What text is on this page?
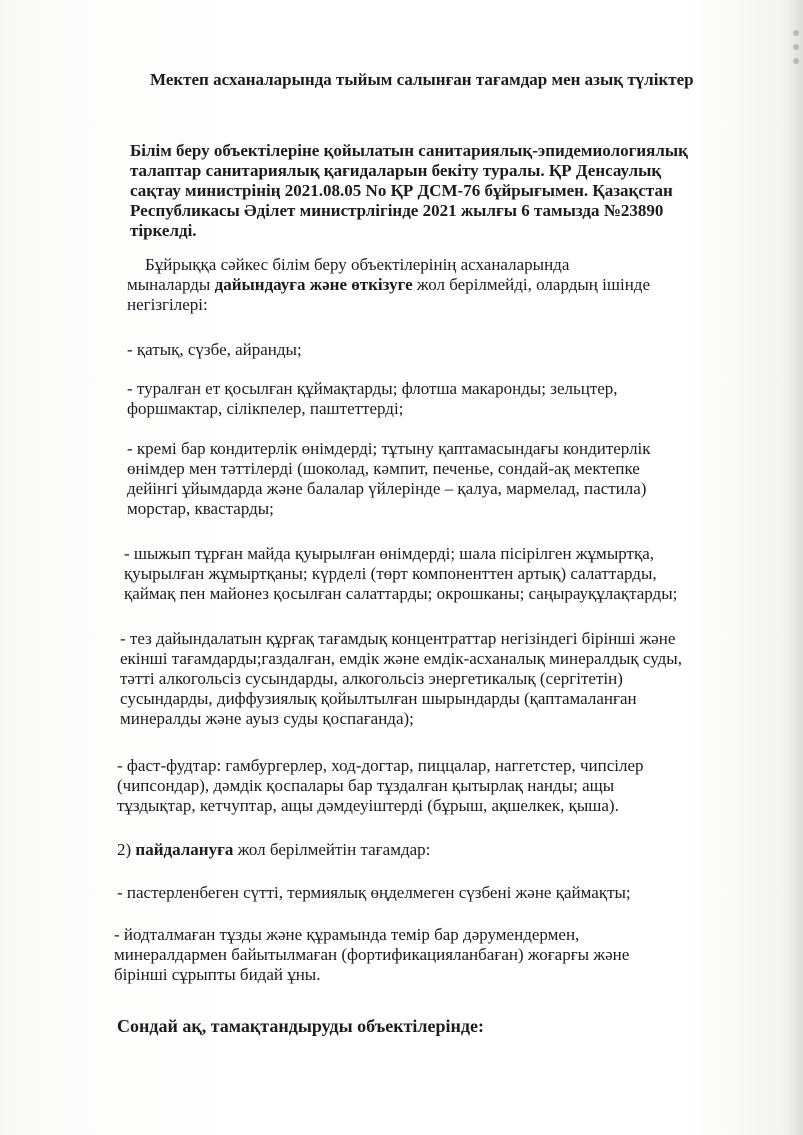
Мектеп асханаларында тыйым салынған тағамдар мен азық түліктер
Білім беру объектілеріне қойылатын санитариялық-эпидемиологиялық
талаптар санитариялық қағидаларын бекіту туралы. ҚР Денсаулық
сақтау министрінің 2021.08.05 No ҚР ДСМ-76 бұйрығымен. Қазақстан
Республикасы Әділет министрлігінде 2021 жылғы 6 тамызда №23890
тіркелді.
Бұйрыққа сәйкес білім беру объектілерінің асханаларында
мыналарды дайындауға және өткізуге жол берілмейді, олардың ішінде
негізгілері:
- қатық, сүзбе, айранды;
- туралған ет қосылған құймақтарды; флотша макаронды; зельцтер,
форшмактар, сілікпелер, паштеттерді;
- кремі бар кондитерлік өнімдерді; тұтыну қаптамасындағы кондитерлік
өнімдер мен тәттілерді (шоколад, кәмпит, печенье, сондай-ақ мектепке
дейінгі ұйымдарда және балалар үйлерінде – қалуа, мармелад, пастила)
морстар, квастарды;
- шыжып тұрған майда қуырылған өнімдерді; шала пісірілген жұмыртқа,
қуырылған жұмыртқаны; күрделі (төрт компоненттен артық) салаттарды,
қаймақ пен майонез қосылған салаттарды; окрошканы; саңырауқұлақтарды;
- тез дайындалатын құрғақ тағамдық концентраттар негізіндегі бірінші және
екінші тағамдарды;газдалған, емдік және емдік-асханалық минералдық суды,
тәтті алкогольсіз сусындарды, алкогольсіз энергетикалық (сергітетін)
сусындарды, диффузиялық қойылтылған шырындарды (қаптамаланған
минералды және ауыз суды қоспағанда);
- фаст-фудтар: гамбургерлер, ход-догтар, пиццалар, наггетстер, чипсілер
(чипсондар), дәмдік қоспалары бар тұздалған қытырлақ нанды; ащы
тұздықтар, кетчуптар, ащы дәмдеуіштерді (бұрыш, ақшелкек, қыша).
2) пайдалануға жол берілмейтін тағамдар:
- пастерленбеген сүтті, термиялық өңделмеген сүзбені және қаймақты;
- йодталмаған тұзды және құрамында темір бар дәрумендермен,
минералдармен байытылмаған (фортификацияланбаған) жоғарғы және
бірінші сұрыпты бидай ұны.
Сондай ақ, тамақтандыруды объектілерінде:
